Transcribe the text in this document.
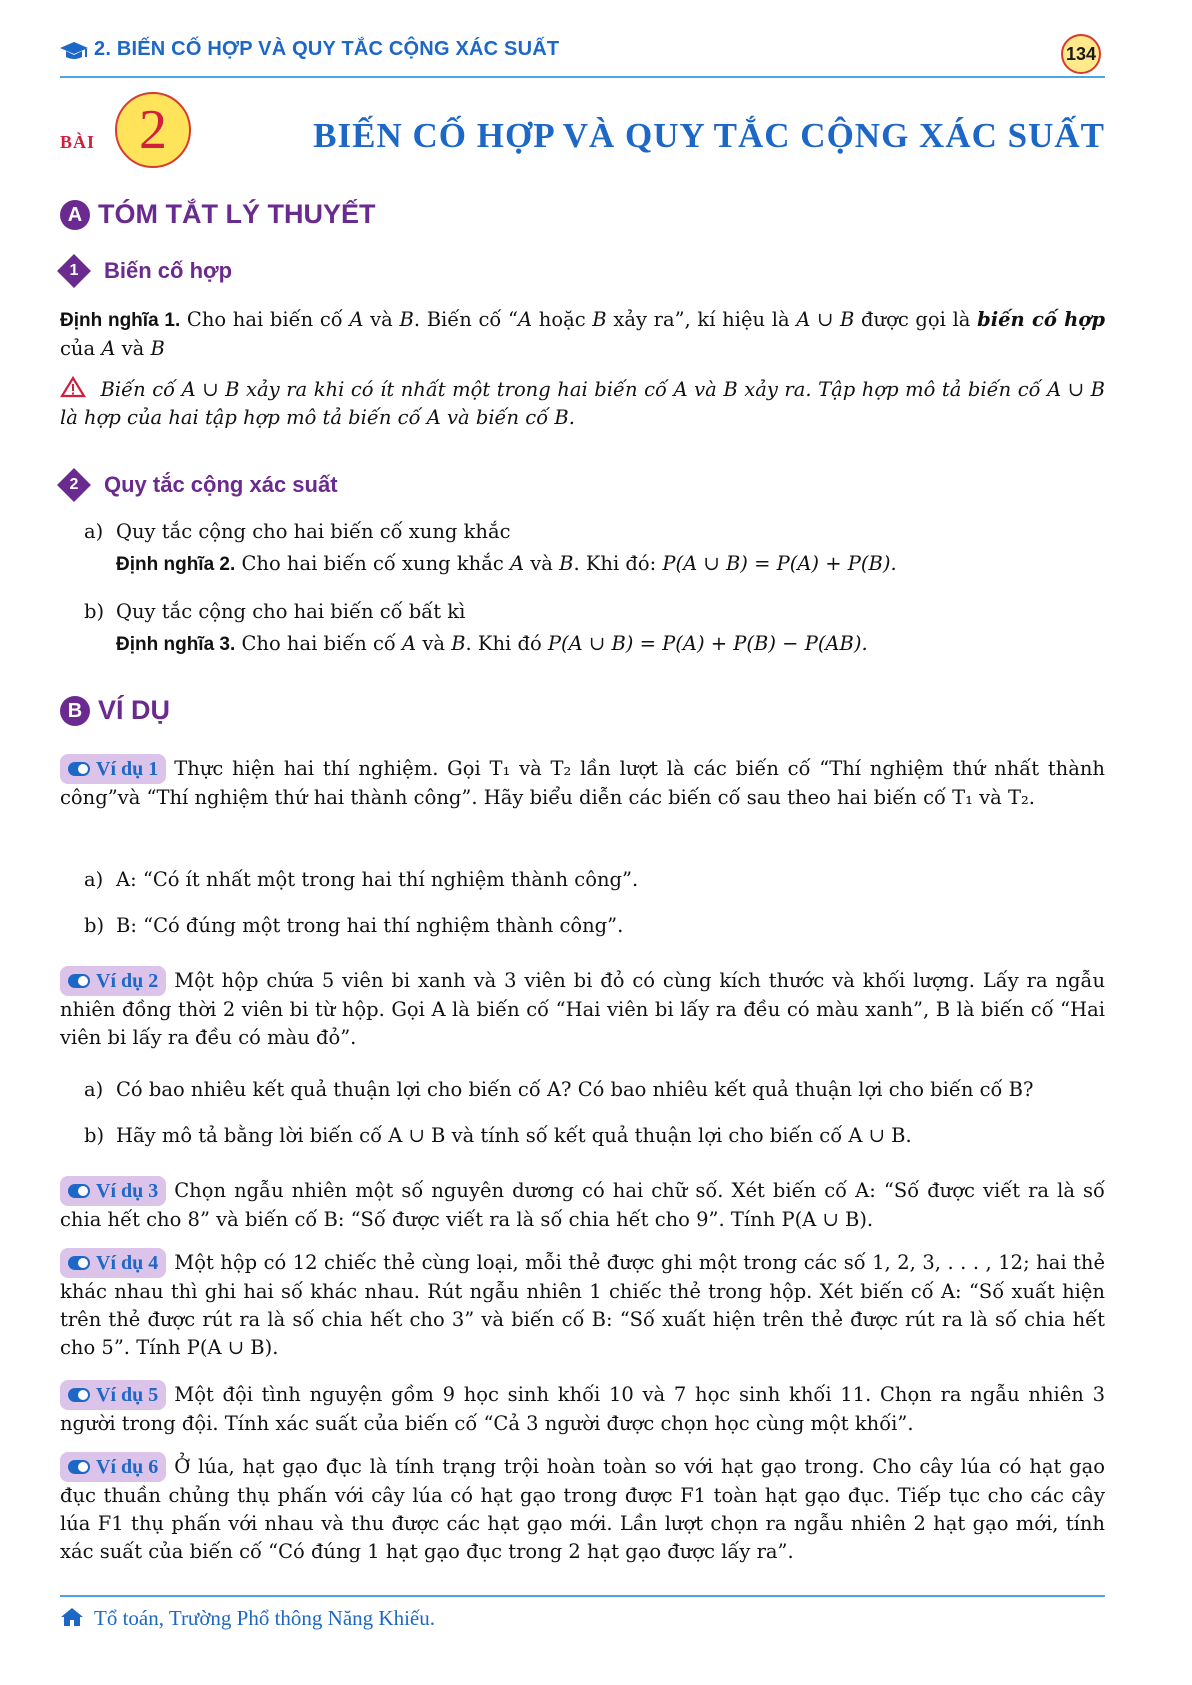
2. BIẾN CỐ HỢP VÀ QUY TẮC CỘNG XÁC SUẤT	134
BÀI 2	BIẾN CỐ HỢP VÀ QUY TẮC CỘNG XÁC SUẤT
A TÓM TẮT LÝ THUYẾT
1	Biến cố hợp
Định nghĩa 1. Cho hai biến cố A và B. Biến cố “A hoặc B xảy ra”, kí hiệu là A ∪ B được gọi là biến cố hợp của A và B
Biến cố A ∪ B xảy ra khi có ít nhất một trong hai biến cố A và B xảy ra. Tập hợp mô tả biến cố A ∪ B là hợp của hai tập hợp mô tả biến cố A và biến cố B.
2	Quy tắc cộng xác suất
a) Quy tắc cộng cho hai biến cố xung khắc
Định nghĩa 2. Cho hai biến cố xung khắc A và B. Khi đó: P(A ∪ B) = P(A) + P(B).
b) Quy tắc cộng cho hai biến cố bất kì
Định nghĩa 3. Cho hai biến cố A và B. Khi đó P(A ∪ B) = P(A) + P(B) − P(AB).
B VÍ DỤ
Ví dụ 1 Thực hiện hai thí nghiệm. Gọi T₁ và T₂ lần lượt là các biến cố “Thí nghiệm thứ nhất thành công”và “Thí nghiệm thứ hai thành công”. Hãy biểu diễn các biến cố sau theo hai biến cố T₁ và T₂.
a) A: “Có ít nhất một trong hai thí nghiệm thành công”.
b) B: “Có đúng một trong hai thí nghiệm thành công”.
Ví dụ 2 Một hộp chứa 5 viên bi xanh và 3 viên bi đỏ có cùng kích thước và khối lượng. Lấy ra ngẫu nhiên đồng thời 2 viên bi từ hộp. Gọi A là biến cố “Hai viên bi lấy ra đều có màu xanh”, B là biến cố “Hai viên bi lấy ra đều có màu đỏ”.
a) Có bao nhiêu kết quả thuận lợi cho biến cố A? Có bao nhiêu kết quả thuận lợi cho biến cố B?
b) Hãy mô tả bằng lời biến cố A ∪ B và tính số kết quả thuận lợi cho biến cố A ∪ B.
Ví dụ 3 Chọn ngẫu nhiên một số nguyên dương có hai chữ số. Xét biến cố A: “Số được viết ra là số chia hết cho 8” và biến cố B: “Số được viết ra là số chia hết cho 9”. Tính P(A ∪ B).
Ví dụ 4 Một hộp có 12 chiếc thẻ cùng loại, mỗi thẻ được ghi một trong các số 1, 2, 3, . . . , 12; hai thẻ khác nhau thì ghi hai số khác nhau. Rút ngẫu nhiên 1 chiếc thẻ trong hộp. Xét biến cố A: “Số xuất hiện trên thẻ được rút ra là số chia hết cho 3” và biến cố B: “Số xuất hiện trên thẻ được rút ra là số chia hết cho 5”. Tính P(A ∪ B).
Ví dụ 5 Một đội tình nguyện gồm 9 học sinh khối 10 và 7 học sinh khối 11. Chọn ra ngẫu nhiên 3 người trong đội. Tính xác suất của biến cố “Cả 3 người được chọn học cùng một khối”.
Ví dụ 6 Ở lúa, hạt gạo đục là tính trạng trội hoàn toàn so với hạt gạo trong. Cho cây lúa có hạt gạo đục thuần chủng thụ phấn với cây lúa có hạt gạo trong được F1 toàn hạt gạo đục. Tiếp tục cho các cây lúa F1 thụ phấn với nhau và thu được các hạt gạo mới. Lần lượt chọn ra ngẫu nhiên 2 hạt gạo mới, tính xác suất của biến cố “Có đúng 1 hạt gạo đục trong 2 hạt gạo được lấy ra”.
Tổ toán, Trường Phổ thông Năng Khiếu.
